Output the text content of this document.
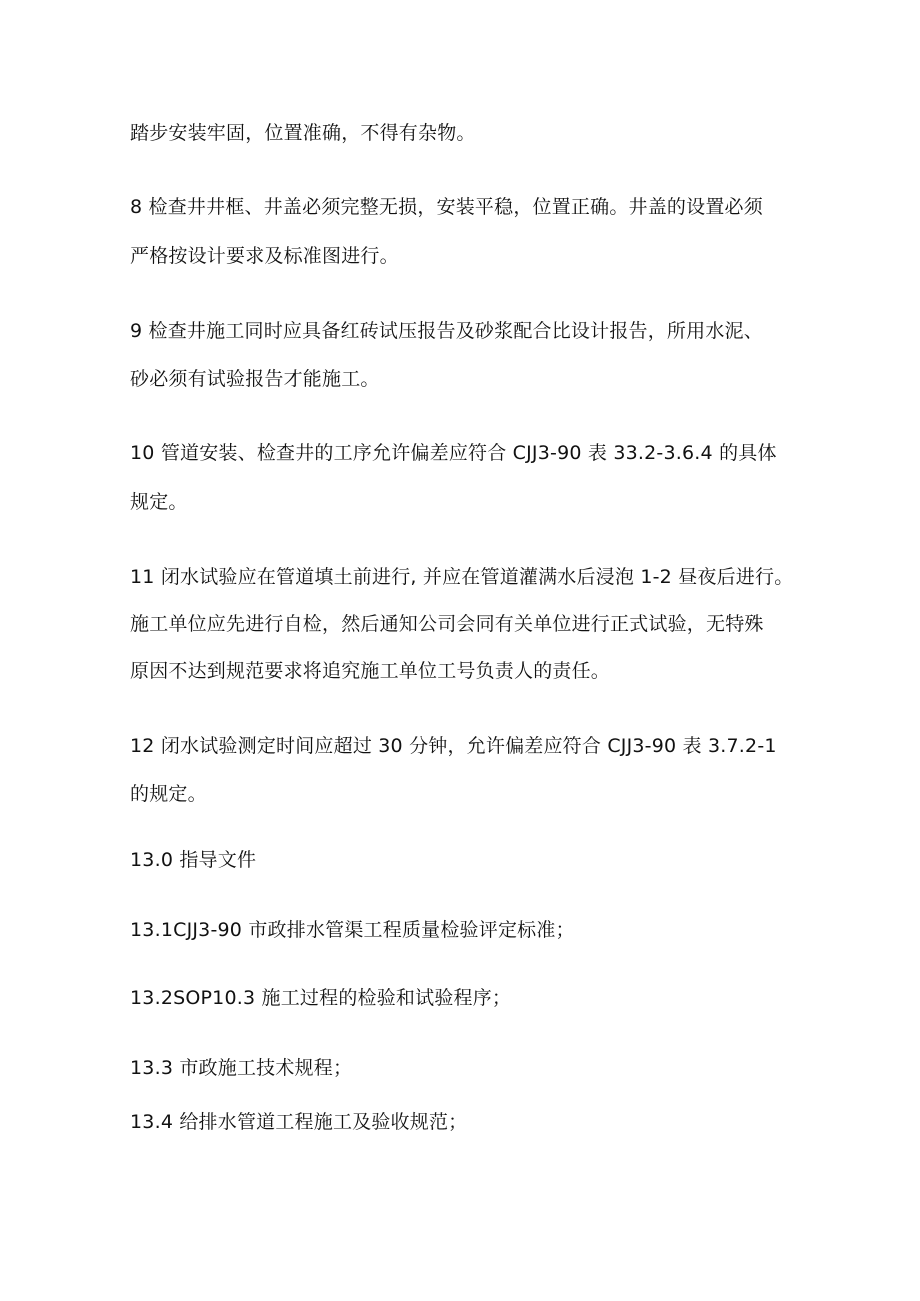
踏步安装牢固，位置准确，不得有杂物。
8 检查井井框、井盖必须完整无损，安装平稳，位置正确。井盖的设置必须
严格按设计要求及标准图进行。
9 检查井施工同时应具备红砖试压报告及砂浆配合比设计报告，所用水泥、
砂必须有试验报告才能施工。
10 管道安装、检查井的工序允许偏差应符合 CJJ3-90 表 33.2-3.6.4 的具体
规定。
11 闭水试验应在管道填土前进行, 并应在管道灌满水后浸泡 1-2 昼夜后进行。
施工单位应先进行自检，然后通知公司会同有关单位进行正式试验，无特殊
原因不达到规范要求将追究施工单位工号负责人的责任。
12 闭水试验测定时间应超过 30 分钟，允许偏差应符合 CJJ3-90 表 3.7.2-1
的规定。
13.0 指导文件
13.1CJJ3-90 市政排水管渠工程质量检验评定标准；
13.2SOP10.3 施工过程的检验和试验程序；
13.3 市政施工技术规程；
13.4 给排水管道工程施工及验收规范；
